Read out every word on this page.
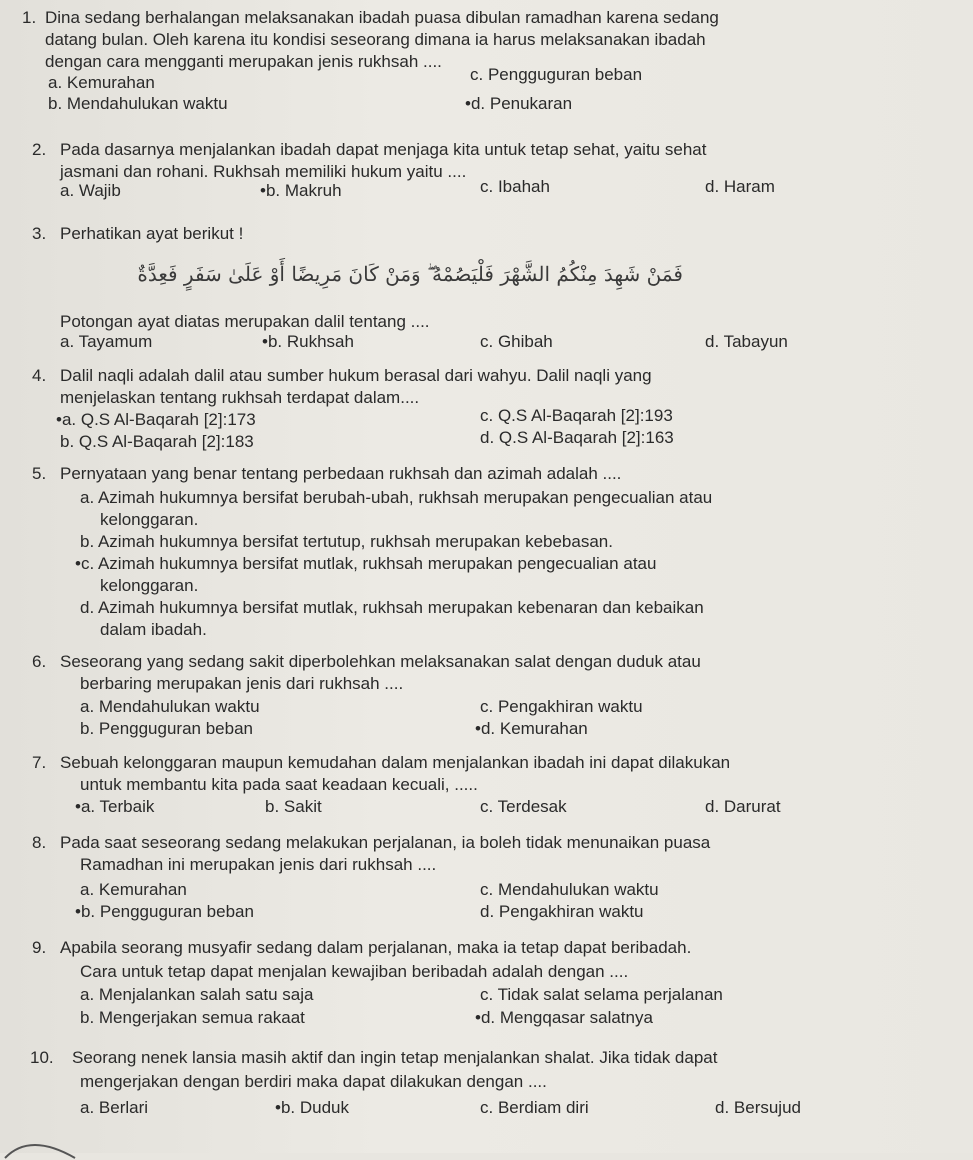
1. Dina sedang berhalangan melaksanakan ibadah puasa dibulan ramadhan karena sedang
datang bulan. Oleh karena itu kondisi seseorang dimana ia harus melaksanakan ibadah
dengan cara mengganti merupakan jenis rukhsah ....
a. Kemurahan	c. Pengguguran beban
b. Mendahulukan waktu	•d. Penukaran
2. Pada dasarnya menjalankan ibadah dapat menjaga kita untuk tetap sehat, yaitu sehat
jasmani dan rohani. Rukhsah memiliki hukum yaitu ....
a. Wajib	•b. Makruh	c. Ibahah	d. Haram
3. Perhatikan ayat berikut !
فَمَنْ شَهِدَ مِنْكُمُ الشَّهْرَ فَلْيَصُمْهُ ۖ وَمَنْ كَانَ مَرِيضًا أَوْ عَلَىٰ سَفَرٍ فَعِدَّةٌ
Potongan ayat diatas merupakan dalil tentang ....
a. Tayamum	•b. Rukhsah	c. Ghibah	d. Tabayun
4. Dalil naqli adalah dalil atau sumber hukum berasal dari wahyu. Dalil naqli yang
menjelaskan tentang rukhsah terdapat dalam....
•a. Q.S Al-Baqarah [2]:173	c. Q.S Al-Baqarah [2]:193
b. Q.S Al-Baqarah [2]:183	d. Q.S Al-Baqarah [2]:163
5. Pernyataan yang benar tentang perbedaan rukhsah dan azimah adalah ....
a. Azimah hukumnya bersifat berubah-ubah, rukhsah merupakan pengecualian atau
kelonggaran.
b. Azimah hukumnya bersifat tertutup, rukhsah merupakan kebebasan.
•c. Azimah hukumnya bersifat mutlak, rukhsah merupakan pengecualian atau
kelonggaran.
d. Azimah hukumnya bersifat mutlak, rukhsah merupakan kebenaran dan kebaikan
dalam ibadah.
6. Seseorang yang sedang sakit diperbolehkan melaksanakan salat dengan duduk atau
berbaring merupakan jenis dari rukhsah ....
a. Mendahulukan waktu	c. Pengakhiran waktu
b. Pengguguran beban	•d. Kemurahan
7. Sebuah kelonggaran maupun kemudahan dalam menjalankan ibadah ini dapat dilakukan
untuk membantu kita pada saat keadaan kecuali, .....
•a. Terbaik	b. Sakit	c. Terdesak	d. Darurat
8. Pada saat seseorang sedang melakukan perjalanan, ia boleh tidak menunaikan puasa
Ramadhan ini merupakan jenis dari rukhsah ....
a. Kemurahan	c. Mendahulukan waktu
•b. Pengguguran beban	d. Pengakhiran waktu
9. Apabila seorang musyafir sedang dalam perjalanan, maka ia tetap dapat beribadah.
Cara untuk tetap dapat menjalan kewajiban beribadah adalah dengan ....
a. Menjalankan salah satu saja	c. Tidak salat selama perjalanan
b. Mengerjakan semua rakaat	•d. Mengqasar salatnya
10. Seorang nenek lansia masih aktif dan ingin tetap menjalankan shalat. Jika tidak dapat
mengerjakan dengan berdiri maka dapat dilakukan dengan ....
a. Berlari	•b. Duduk	c. Berdiam diri	d. Bersujud
